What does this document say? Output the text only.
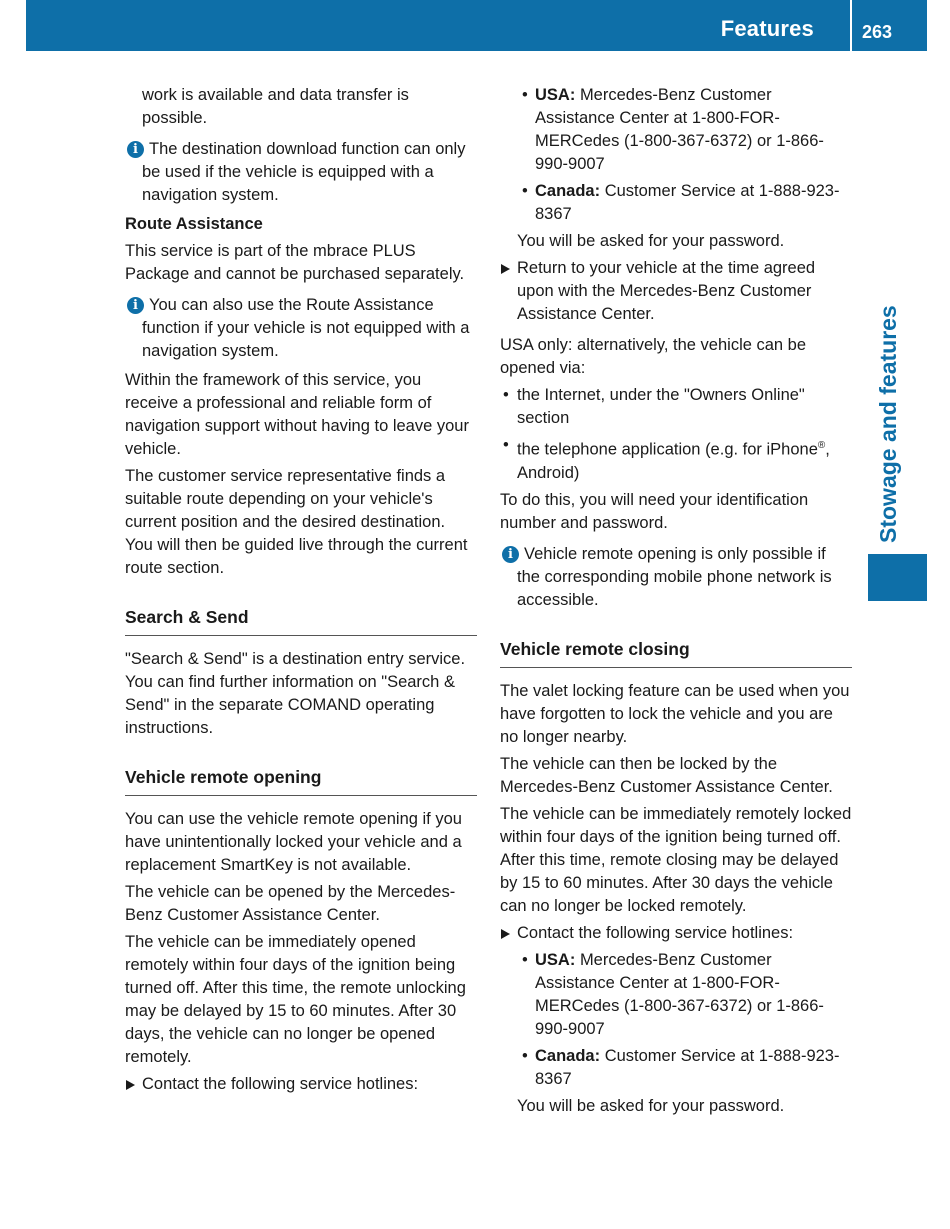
Features	263
Stowage and features

work is available and data transfer is possible.

i The destination download function can only be used if the vehicle is equipped with a navigation system.

Route Assistance

This service is part of the mbrace PLUS Package and cannot be purchased separately.

i You can also use the Route Assistance function if your vehicle is not equipped with a navigation system.

Within the framework of this service, you receive a professional and reliable form of navigation support without having to leave your vehicle.

The customer service representative finds a suitable route depending on your vehicle's current position and the desired destination. You will then be guided live through the current route section.

Search & Send

"Search & Send" is a destination entry service. You can find further information on "Search & Send" in the separate COMAND operating instructions.

Vehicle remote opening

You can use the vehicle remote opening if you have unintentionally locked your vehicle and a replacement SmartKey is not available.

The vehicle can be opened by the Mercedes-Benz Customer Assistance Center.

The vehicle can be immediately opened remotely within four days of the ignition being turned off. After this time, the remote unlocking may be delayed by 15 to 60 minutes. After 30 days, the vehicle can no longer be opened remotely.

Contact the following service hotlines:
• USA: Mercedes-Benz Customer Assistance Center at 1-800-FOR-MERCedes (1-800-367-6372) or 1-866-990-9007
• Canada: Customer Service at 1-888-923-8367

You will be asked for your password.

Return to your vehicle at the time agreed upon with the Mercedes-Benz Customer Assistance Center.

USA only: alternatively, the vehicle can be opened via:

• the Internet, under the "Owners Online" section
• the telephone application (e.g. for iPhone®, Android)

To do this, you will need your identification number and password.

i Vehicle remote opening is only possible if the corresponding mobile phone network is accessible.
Vehicle remote closing

The valet locking feature can be used when you have forgotten to lock the vehicle and you are no longer nearby.

The vehicle can then be locked by the Mercedes-Benz Customer Assistance Center.

The vehicle can be immediately remotely locked within four days of the ignition being turned off. After this time, remote closing may be delayed by 15 to 60 minutes. After 30 days the vehicle can no longer be locked remotely.

Contact the following service hotlines:
• USA: Mercedes-Benz Customer Assistance Center at 1-800-FOR-MERCedes (1-800-367-6372) or 1-866-990-9007
• Canada: Customer Service at 1-888-923-8367

You will be asked for your password.
